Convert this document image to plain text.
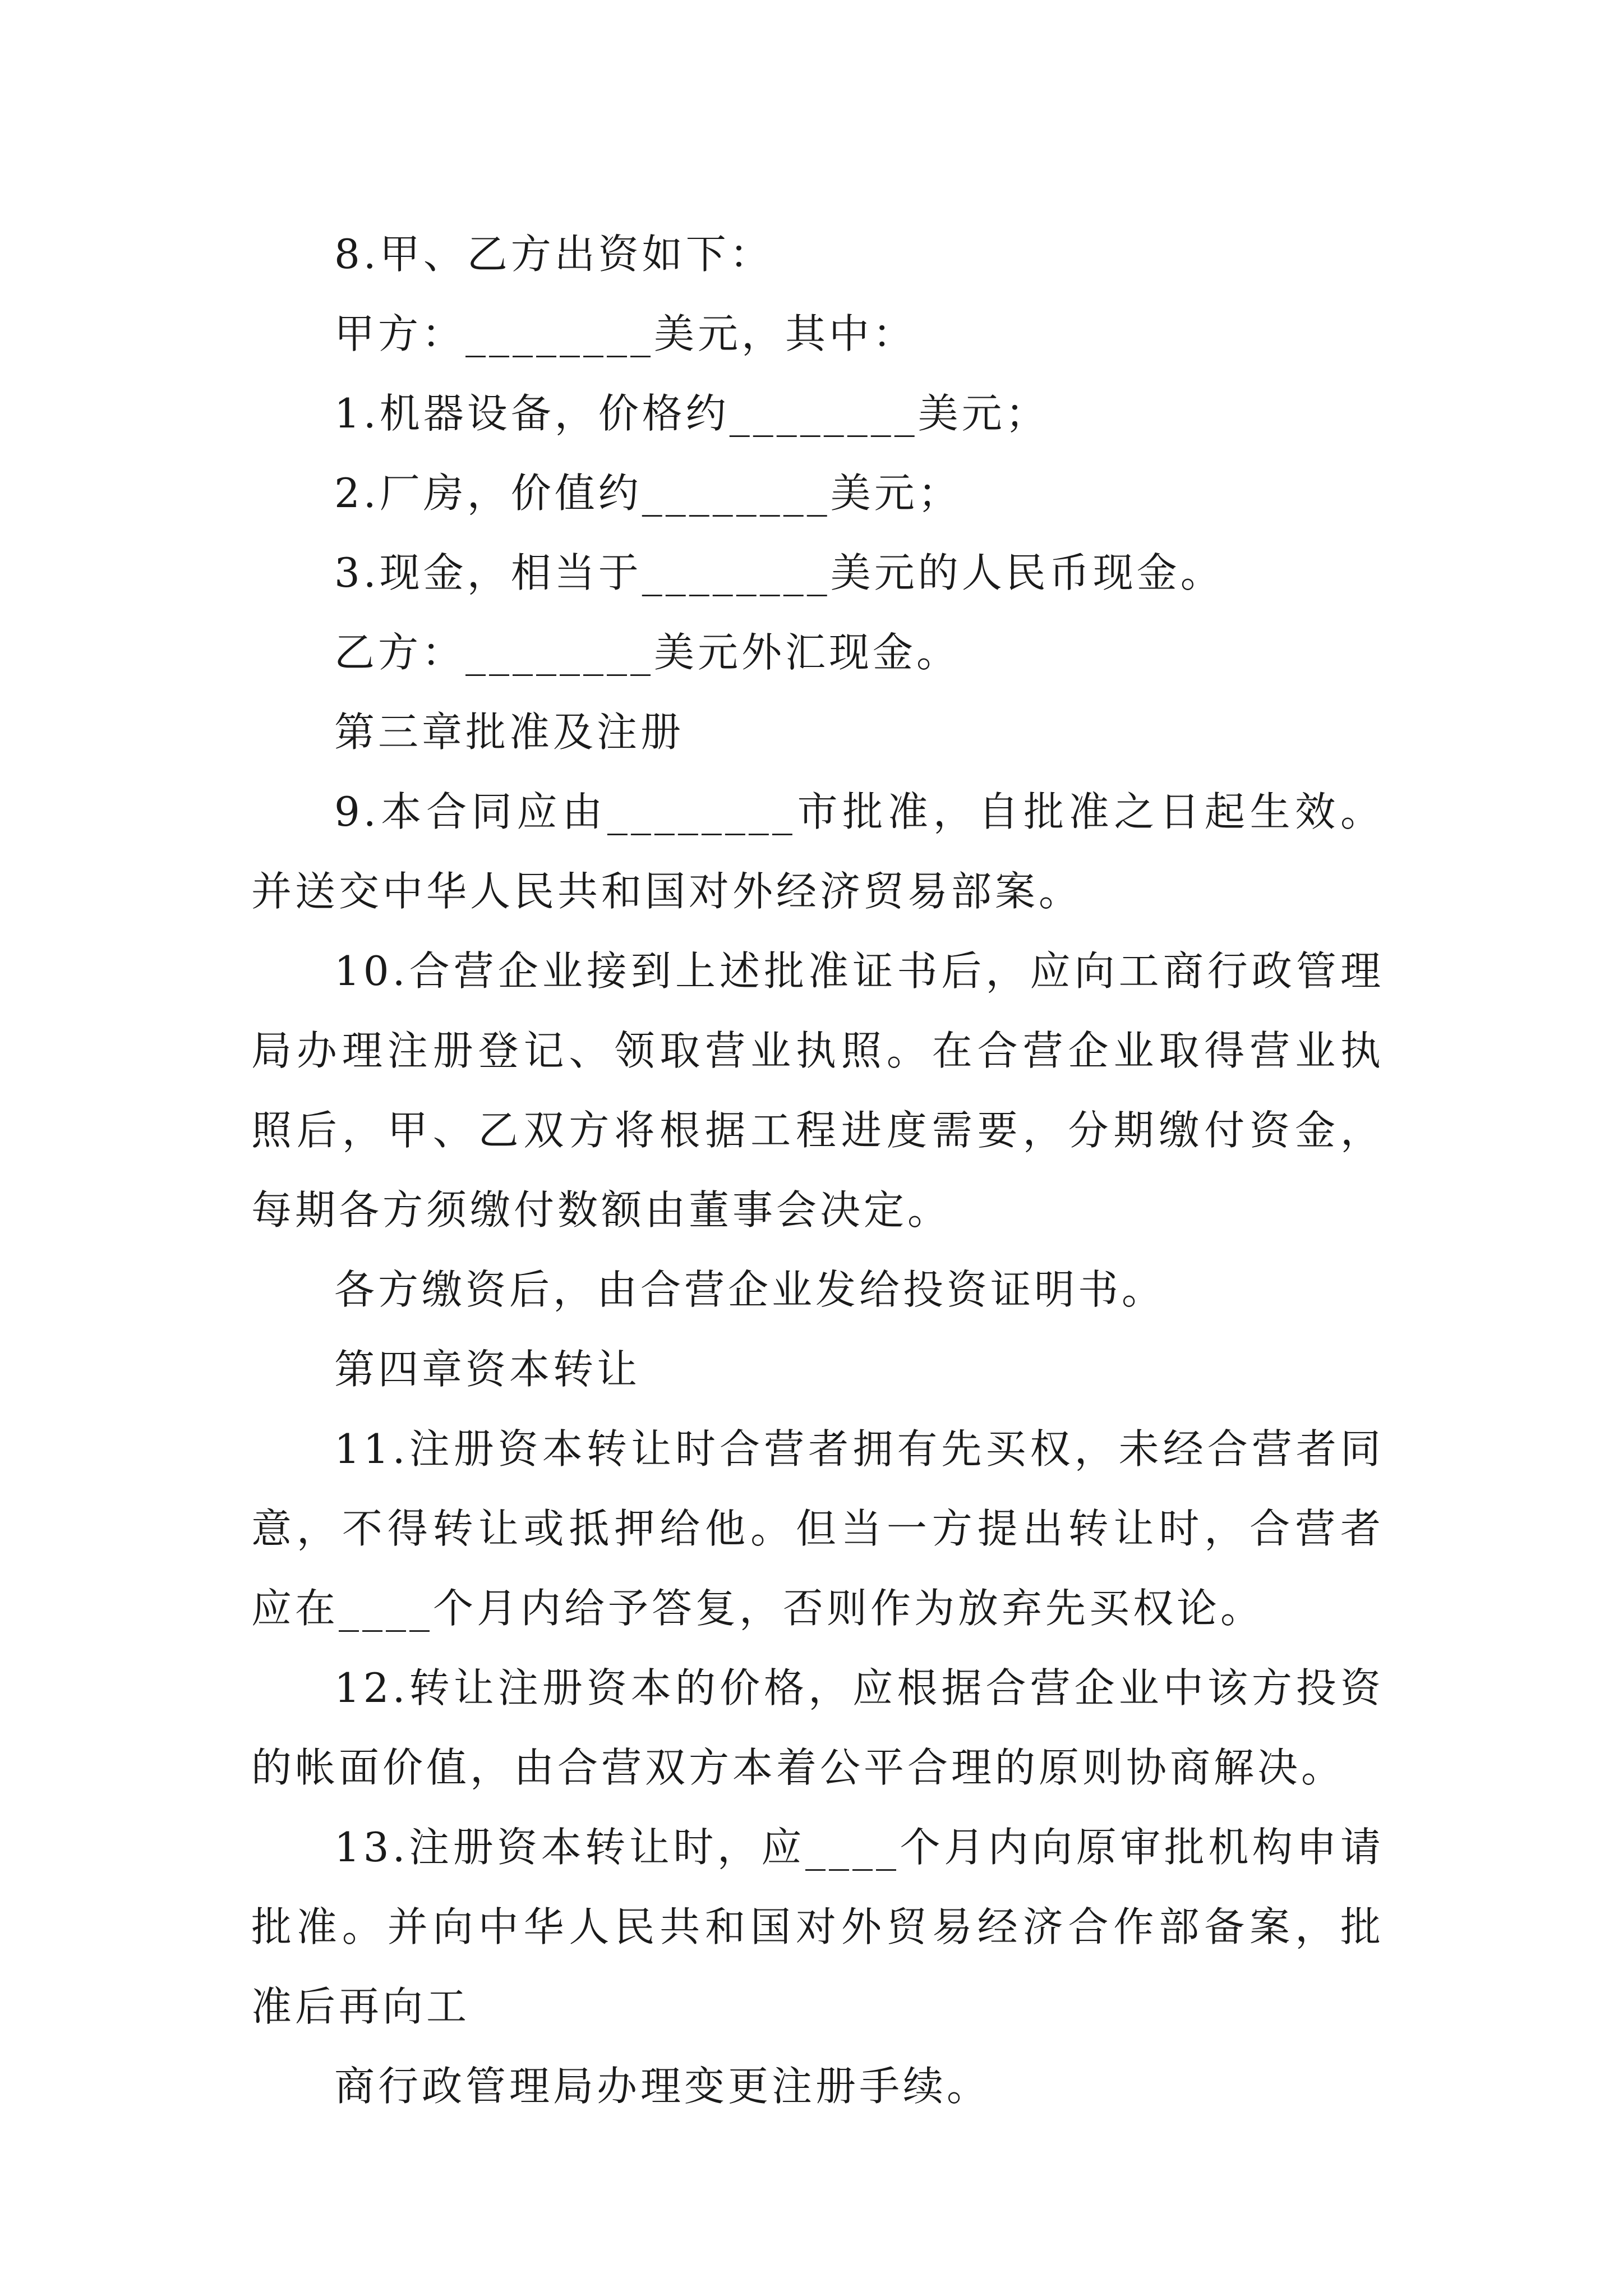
8.甲、乙方出资如下：

甲方：________美元，其中：

1.机器设备，价格约________美元；

2.厂房，价值约________美元；

3.现金，相当于________美元的人民币现金。

乙方：________美元外汇现金。

第三章批准及注册

9.本合同应由________市批准，自批准之日起生效。并送交中华人民共和国对外经济贸易部案。

10.合营企业接到上述批准证书后，应向工商行政管理局办理注册登记、领取营业执照。在合营企业取得营业执照后，甲、乙双方将根据工程进度需要，分期缴付资金，每期各方须缴付数额由董事会决定。

各方缴资后，由合营企业发给投资证明书。

第四章资本转让

11.注册资本转让时合营者拥有先买权，未经合营者同意，不得转让或抵押给他。但当一方提出转让时，合营者应在____个月内给予答复，否则作为放弃先买权论。

12.转让注册资本的价格，应根据合营企业中该方投资的帐面价值，由合营双方本着公平合理的原则协商解决。

13.注册资本转让时，应____个月内向原审批机构申请批准。并向中华人民共和国对外贸易经济合作部备案，批准后再向工

商行政管理局办理变更注册手续。
